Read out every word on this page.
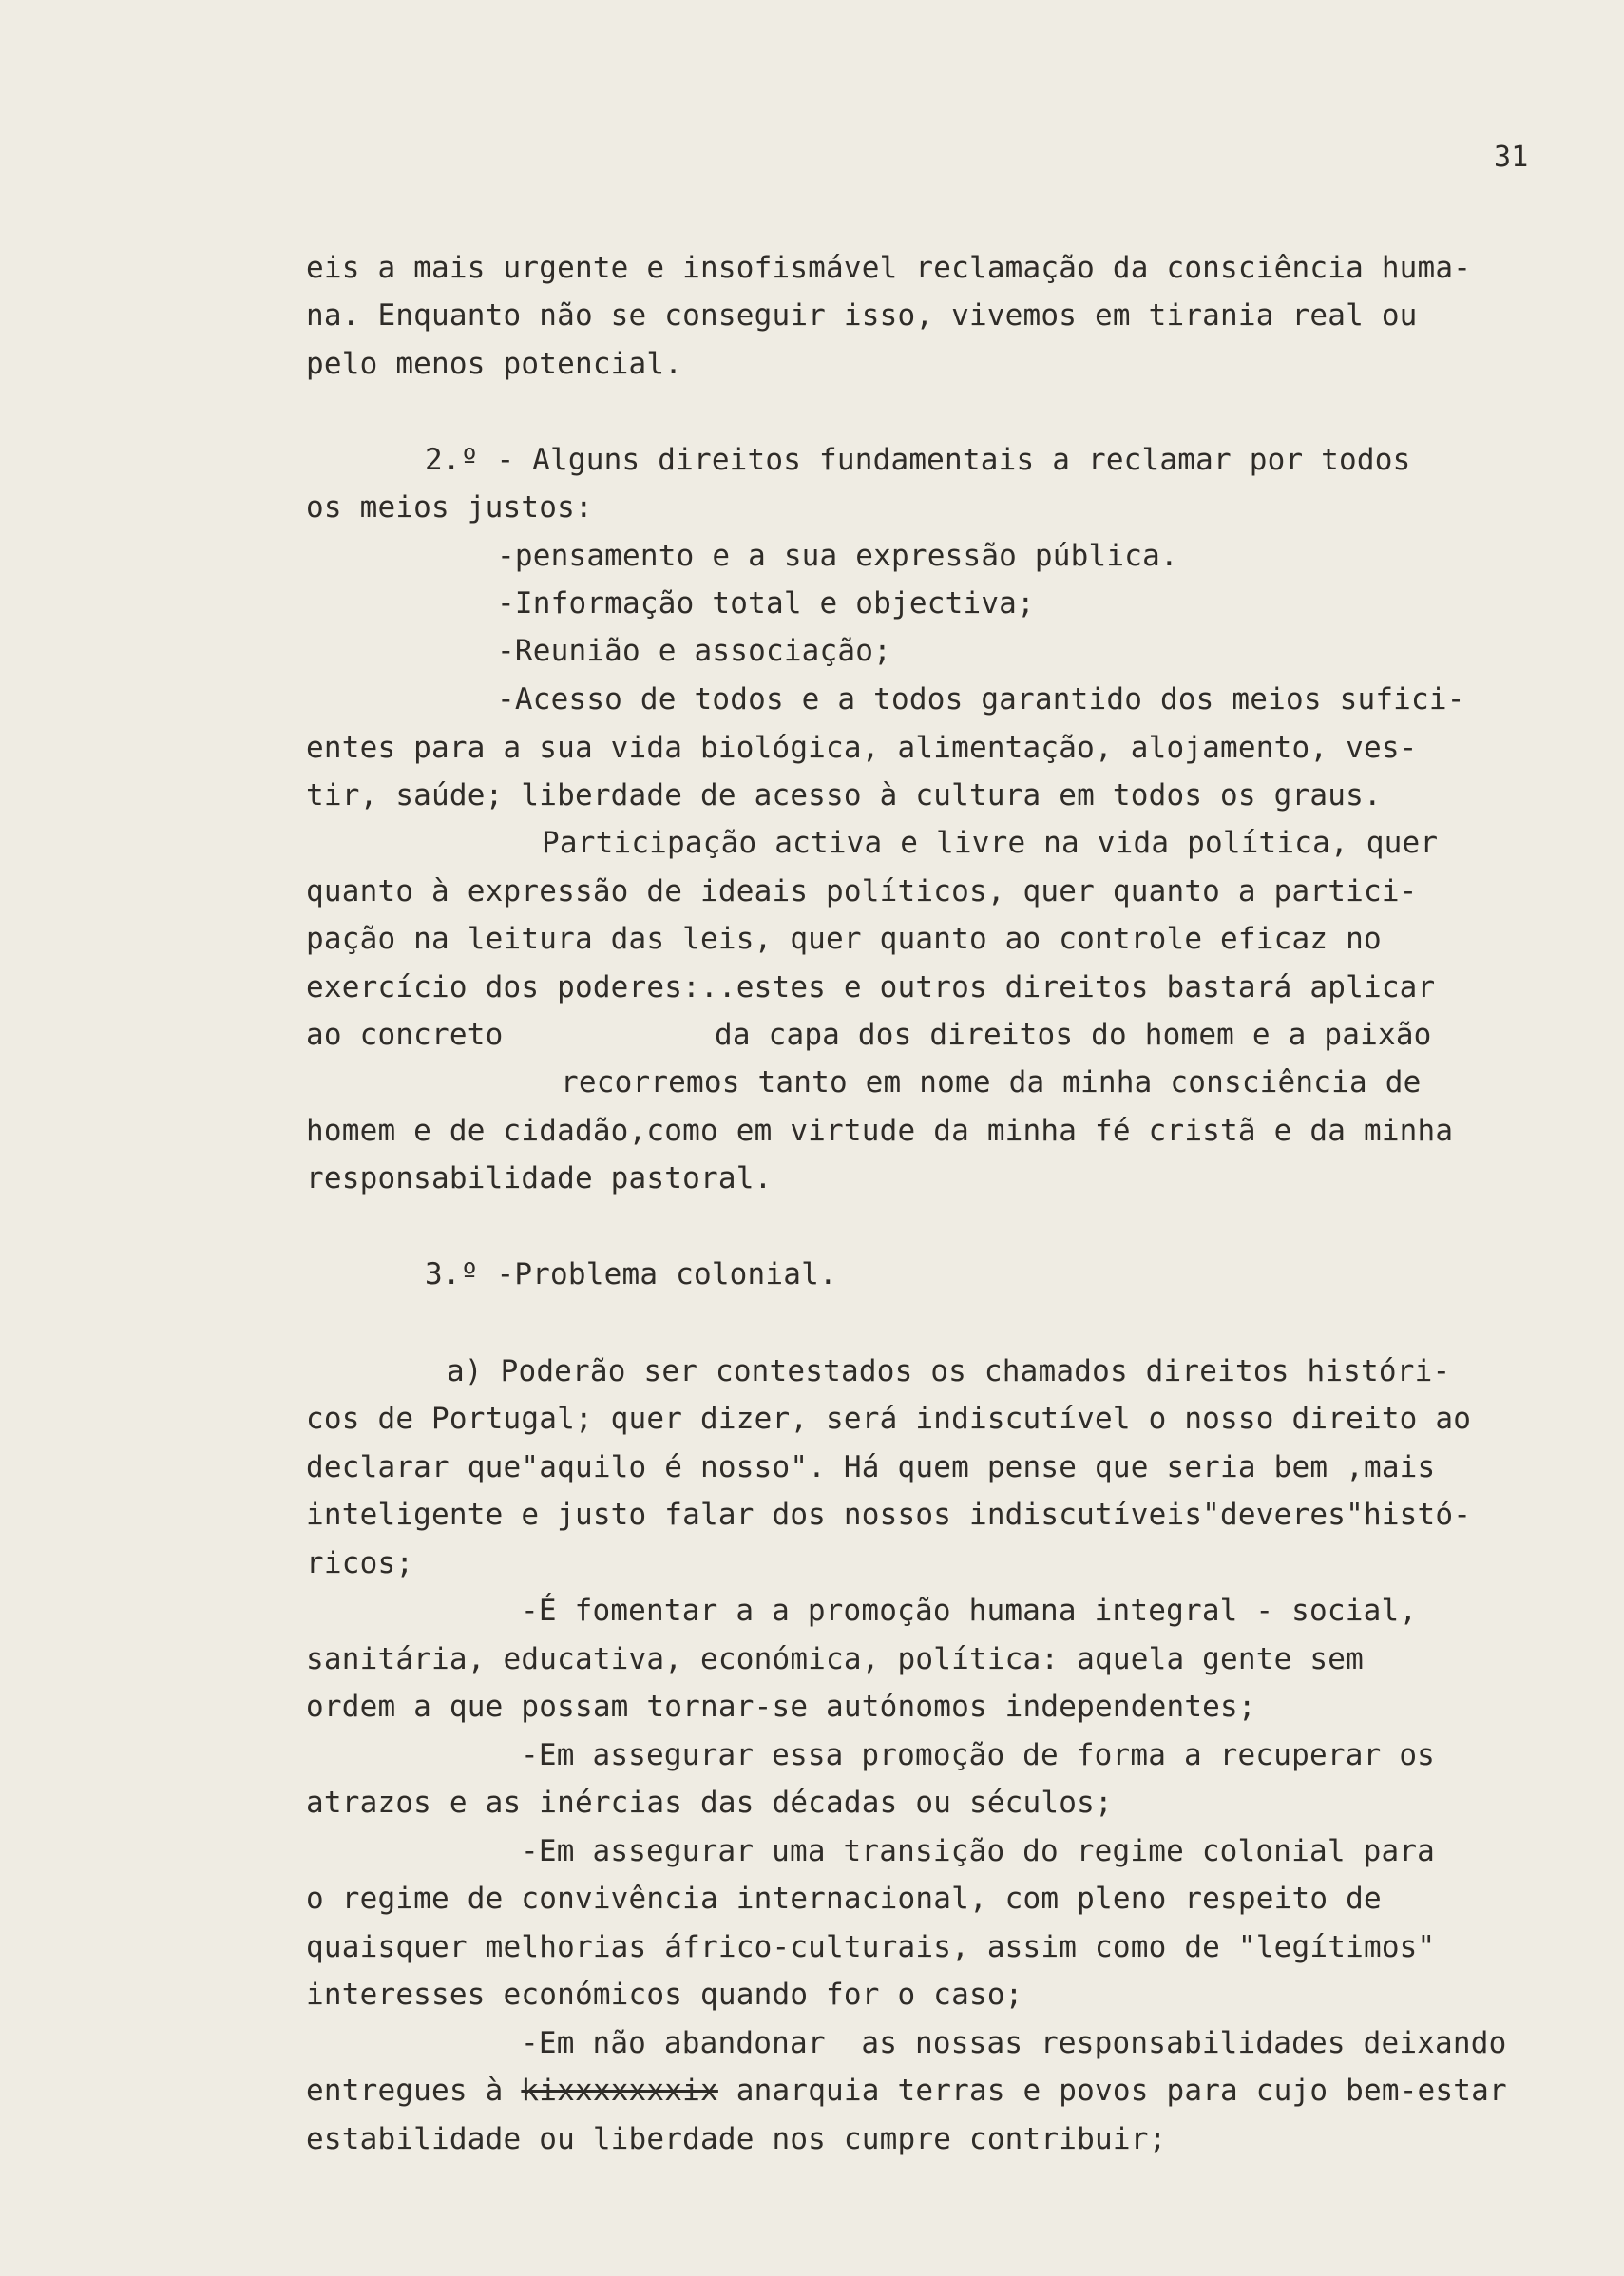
31
eis a mais urgente e insofismável reclamação da consciência huma-
na. Enquanto não se conseguir isso, vivemos em tirania real ou
pelo menos potencial.
2.º - Alguns direitos fundamentais a reclamar por todos
os meios justos:
-pensamento e a sua expressão pública.
-Informação total e objectiva;
-Reunião e associação;
-Acesso de todos e a todos garantido dos meios sufici-
entes para a sua vida biológica, alimentação, alojamento, ves-
tir, saúde; liberdade de acesso à cultura em todos os graus.
Participação activa e livre na vida política, quer
quanto à expressão de ideais políticos, quer quanto a partici-
pação na leitura das leis, quer quanto ao controle eficaz no
exercício dos poderes:..estes e outros direitos bastará aplicar
ao concreto	da capa dos direitos do homem e a paixão
recorremos tanto em nome da minha consciência de
homem e de cidadão,como em virtude da minha fé cristã e da minha
responsabilidade pastoral.
3.º -Problema colonial.
a) Poderão ser contestados os chamados direitos históri-
cos de Portugal; quer dizer, será indiscutível o nosso direito ao
declarar que"aquilo é nosso". Há quem pense que seria bem ,mais
inteligente e justo falar dos nossos indiscutíveis"deveres"histó-
ricos;
-É fomentar a a promoção humana integral - social,
sanitária, educativa, económica, política: aquela gente sem
ordem a que possam tornar-se autónomos independentes;
-Em assegurar essa promoção de forma a recuperar os
atrazos e as inércias das décadas ou séculos;
-Em assegurar uma transição do regime colonial para
o regime de convivência internacional, com pleno respeito de
quaisquer melhorias áfrico-culturais, assim como de "legítimos"
interesses económicos quando for o caso;
-Em não abandonar  as nossas responsabilidades deixando
entregues à kixxxxxxxix anarquia terras e povos para cujo bem-estar
estabilidade ou liberdade nos cumpre contribuir;
